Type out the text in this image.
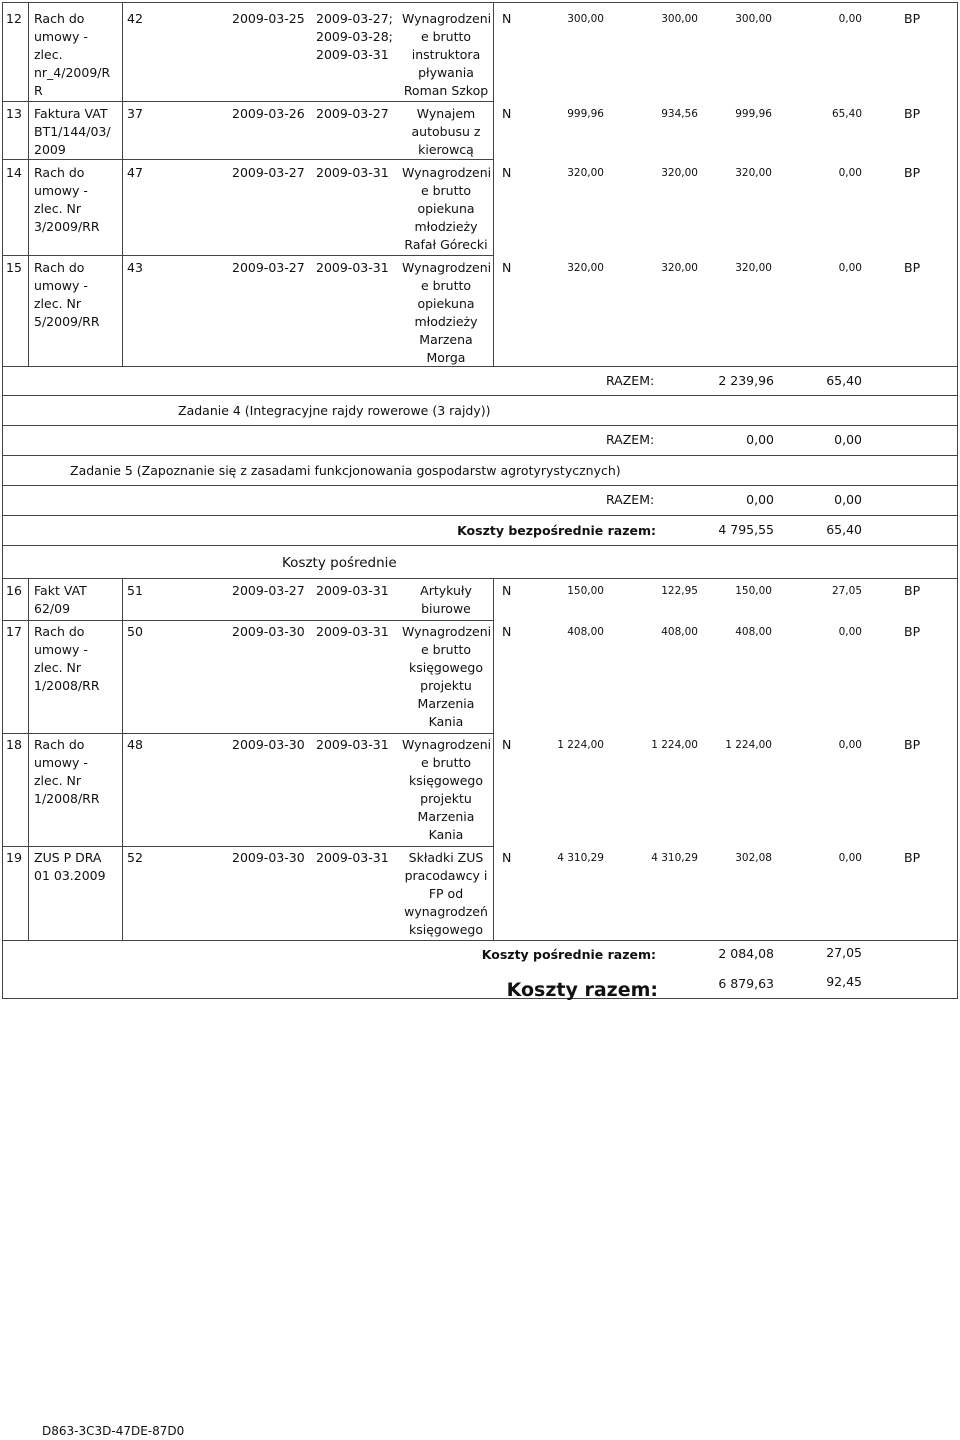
12 Rach do
umowy -
zlec.
nr_4/2009/R
R
42	2009-03-25 2009-03-27;
2009-03-28;
2009-03-31
Wynagrodzeni
e brutto
instruktora
pływania
Roman Szkop
N	300,00	300,00	300,00	0,00	BP
13 Faktura VAT
BT1/144/03/
2009
37	2009-03-26 2009-03-27	Wynajem
autobusu z
kierowcą
N	999,96	934,56	999,96	65,40	BP
14 Rach do
umowy -
zlec. Nr
3/2009/RR
47	2009-03-27 2009-03-31	Wynagrodzeni
e brutto
opiekuna
młodzieży
Rafał Górecki
N	320,00	320,00	320,00	0,00	BP
15 Rach do
umowy -
zlec. Nr
5/2009/RR
43	2009-03-27 2009-03-31	Wynagrodzeni
e brutto
opiekuna
młodzieży
Marzena
Morga
N	320,00	320,00	320,00	0,00	BP
RAZEM:	2 239,96	65,40
Zadanie 4 (Integracyjne rajdy rowerowe (3 rajdy))
RAZEM:	0,00	0,00
Zadanie 5 (Zapoznanie się z zasadami funkcjonowania gospodarstw agrotyrystycznych)
RAZEM:	0,00	0,00
Koszty bezpośrednie razem:	4 795,55	65,40
Koszty pośrednie
16 Fakt VAT
62/09
51	2009-03-27 2009-03-31	Artykuły
biurowe
N	150,00	122,95	150,00	27,05	BP
17 Rach do
umowy -
zlec. Nr
1/2008/RR
50	2009-03-30 2009-03-31	Wynagrodzeni
e brutto
księgowego
projektu
Marzenia
Kania
N	408,00	408,00	408,00	0,00	BP
18 Rach do
umowy -
zlec. Nr
1/2008/RR
48	2009-03-30 2009-03-31	Wynagrodzeni
e brutto
księgowego
projektu
Marzenia
Kania
N	1 224,00	1 224,00	1 224,00	0,00	BP
19 ZUS P DRA
01 03.2009
52	2009-03-30 2009-03-31	Składki ZUS
pracodawcy i
FP od
wynagrodzeń
księgowego
N	4 310,29	4 310,29	302,08	0,00	BP
Koszty pośrednie razem:	2 084,08	27,05
Koszty razem:	6 879,63	92,45
D863-3C3D-47DE-87D0
